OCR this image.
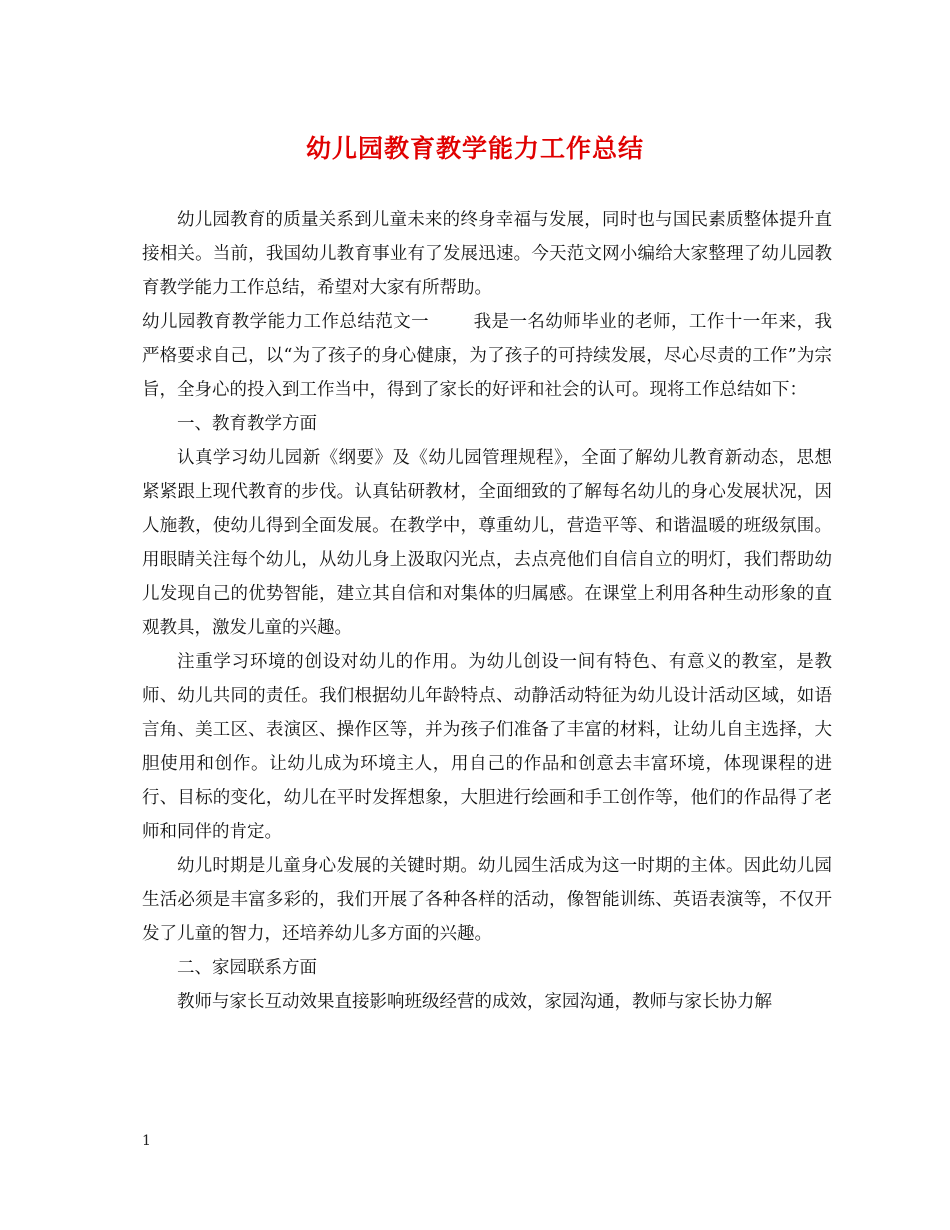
幼儿园教育教学能力工作总结

幼儿园教育的质量关系到儿童未来的终身幸福与发展，同时也与国民素质整体提升直接相关。当前，我国幼儿教育事业有了发展迅速。今天范文网小编给大家整理了幼儿园教育教学能力工作总结，希望对大家有所帮助。

幼儿园教育教学能力工作总结范文一	我是一名幼师毕业的老师，工作十一年来，我严格要求自己，以“为了孩子的身心健康，为了孩子的可持续发展，尽心尽责的工作”为宗旨，全身心的投入到工作当中，得到了家长的好评和社会的认可。现将工作总结如下：

一、教育教学方面

认真学习幼儿园新《纲要》及《幼儿园管理规程》，全面了解幼儿教育新动态，思想紧紧跟上现代教育的步伐。认真钻研教材，全面细致的了解每名幼儿的身心发展状况，因人施教，使幼儿得到全面发展。在教学中，尊重幼儿，营造平等、和谐温暖的班级氛围。用眼睛关注每个幼儿，从幼儿身上汲取闪光点，去点亮他们自信自立的明灯，我们帮助幼儿发现自己的优势智能，建立其自信和对集体的归属感。在课堂上利用各种生动形象的直观教具，激发儿童的兴趣。

注重学习环境的创设对幼儿的作用。为幼儿创设一间有特色、有意义的教室，是教师、幼儿共同的责任。我们根据幼儿年龄特点、动静活动特征为幼儿设计活动区域，如语言角、美工区、表演区、操作区等，并为孩子们准备了丰富的材料，让幼儿自主选择，大胆使用和创作。让幼儿成为环境主人，用自己的作品和创意去丰富环境，体现课程的进行、目标的变化，幼儿在平时发挥想象，大胆进行绘画和手工创作等，他们的作品得了老师和同伴的肯定。

幼儿时期是儿童身心发展的关键时期。幼儿园生活成为这一时期的主体。因此幼儿园生活必须是丰富多彩的，我们开展了各种各样的活动，像智能训练、英语表演等，不仅开发了儿童的智力，还培养幼儿多方面的兴趣。

二、家园联系方面

教师与家长互动效果直接影响班级经营的成效，家园沟通，教师与家长协力解

1
